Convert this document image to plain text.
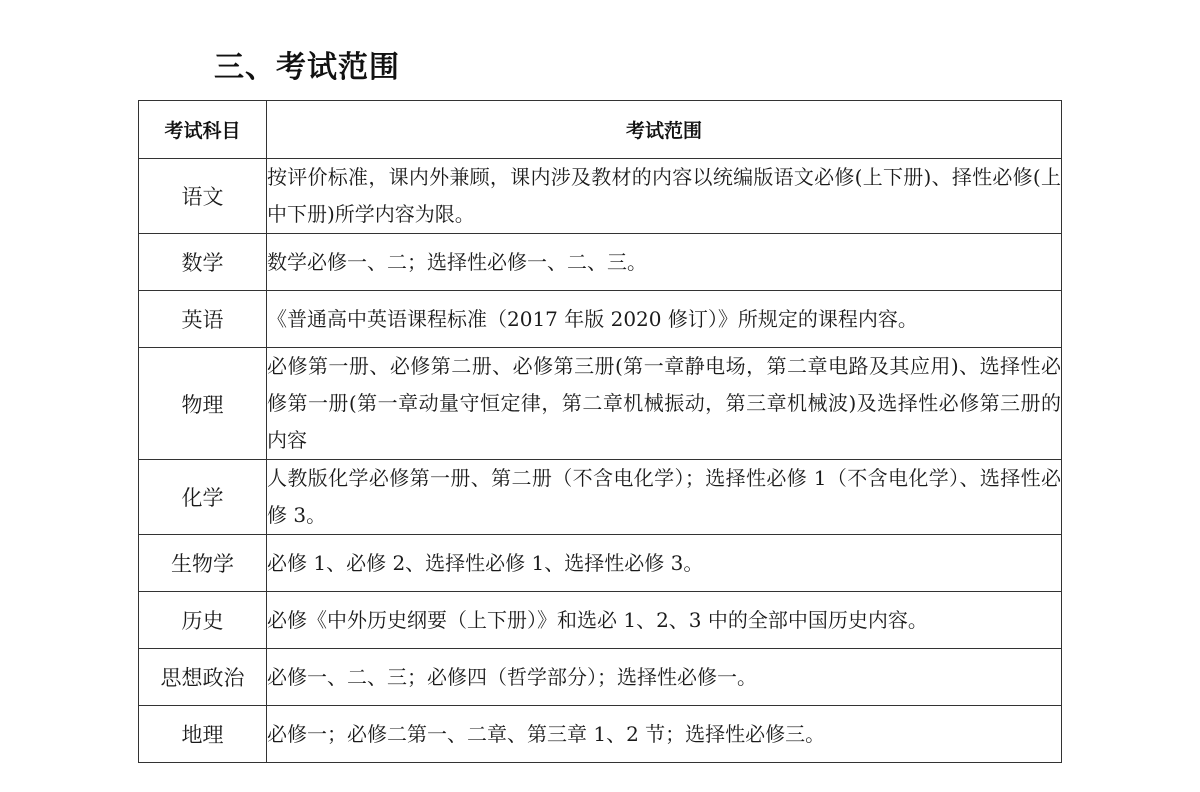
三、考试范围
考试科目	考试范围
语文	按评价标准，课内外兼顾，课内涉及教材的内容以统编版语文必修(上下册)、择性必修(上中下册)所学内容为限。
数学	数学必修一、二；选择性必修一、二、三。
英语	《普通高中英语课程标准（2017 年版 2020 修订）》所规定的课程内容。
物理	必修第一册、必修第二册、必修第三册(第一章静电场，第二章电路及其应用)、选择性必修第一册(第一章动量守恒定律，第二章机械振动，第三章机械波)及选择性必修第三册的内容
化学	人教版化学必修第一册、第二册（不含电化学）；选择性必修 1（不含电化学）、选择性必修 3。
生物学	必修 1、必修 2、选择性必修 1、选择性必修 3。
历史	必修《中外历史纲要（上下册）》和选必 1、2、3 中的全部中国历史内容。
思想政治	必修一、二、三；必修四（哲学部分）；选择性必修一。
地理	必修一；必修二第一、二章、第三章 1、2 节；选择性必修三。
